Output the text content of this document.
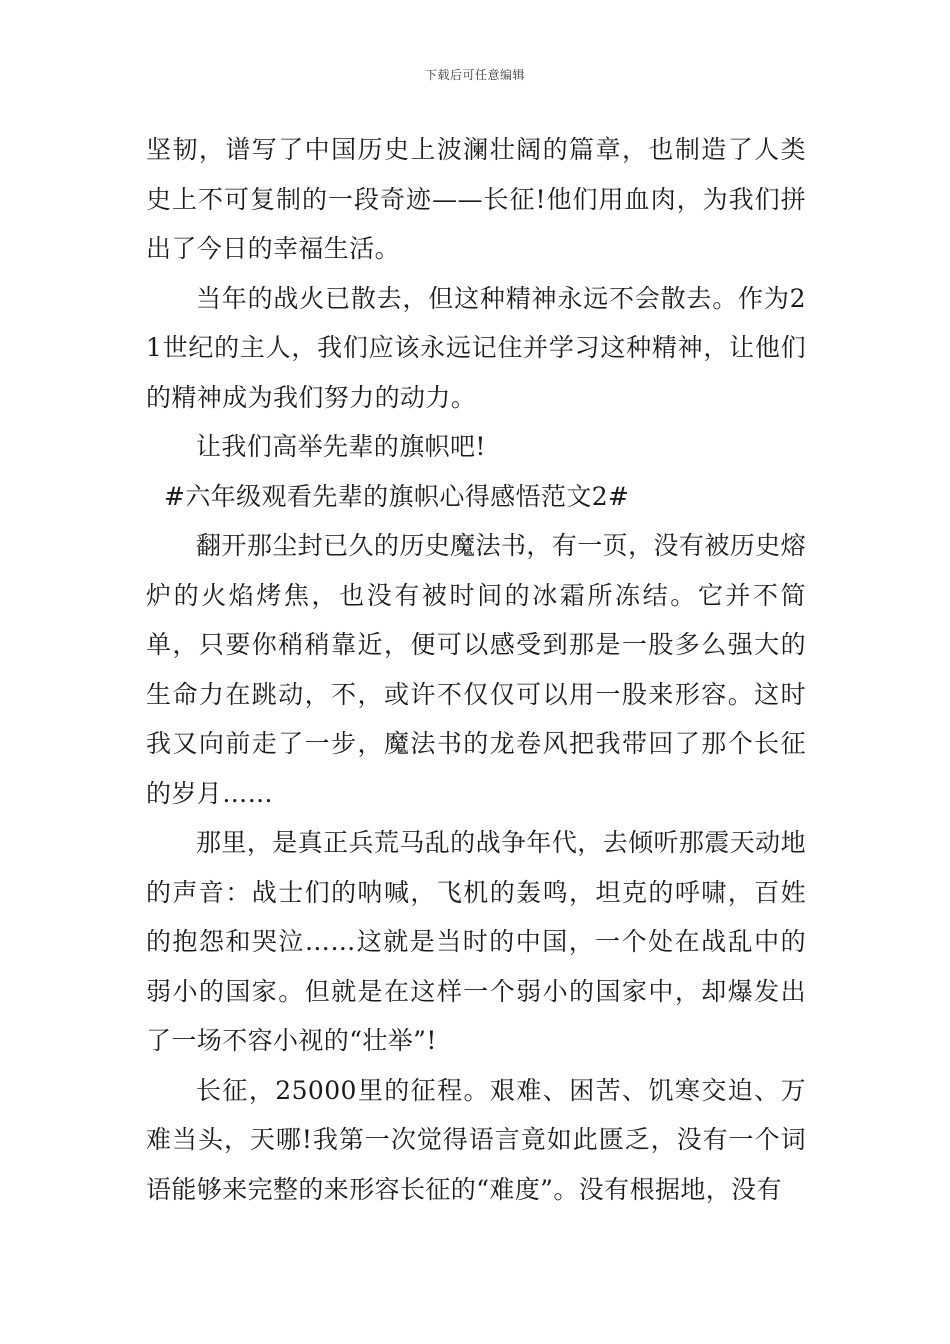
下载后可任意编辑

坚韧，谱写了中国历史上波澜壮阔的篇章，也制造了人类史上不可复制的一段奇迹——长征!他们用血肉，为我们拼出了今日的幸福生活。

当年的战火已散去，但这种精神永远不会散去。作为21世纪的主人，我们应该永远记住并学习这种精神，让他们的精神成为我们努力的动力。

让我们高举先辈的旗帜吧!

#六年级观看先辈的旗帜心得感悟范文2#

翻开那尘封已久的历史魔法书，有一页，没有被历史熔炉的火焰烤焦，也没有被时间的冰霜所冻结。它并不简单，只要你稍稍靠近，便可以感受到那是一股多么强大的生命力在跳动，不，或许不仅仅可以用一股来形容。这时我又向前走了一步，魔法书的龙卷风把我带回了那个长征的岁月……

那里，是真正兵荒马乱的战争年代，去倾听那震天动地的声音：战士们的呐喊，飞机的轰鸣，坦克的呼啸，百姓的抱怨和哭泣……这就是当时的中国，一个处在战乱中的弱小的国家。但就是在这样一个弱小的国家中，却爆发出了一场不容小视的“壮举”!

长征，25000里的征程。艰难、困苦、饥寒交迫、万难当头，天哪!我第一次觉得语言竟如此匮乏，没有一个词语能够来完整的来形容长征的“难度”。没有根据地，没有
